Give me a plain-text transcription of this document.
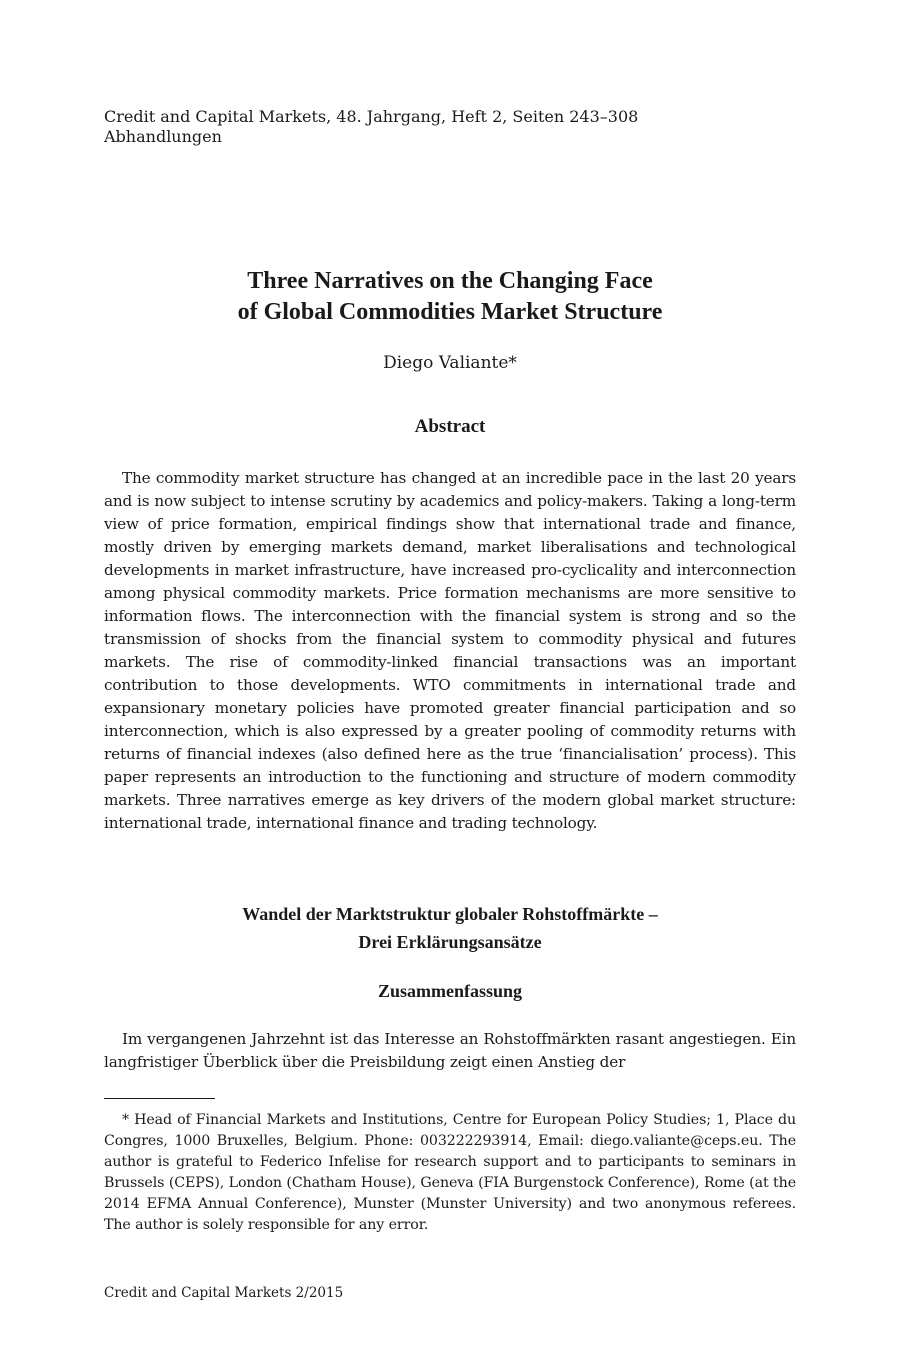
Credit and Capital Markets, 48. Jahrgang, Heft 2, Seiten 243–308
Abhandlungen
Three Narratives on the Changing Face
of Global Commodities Market Structure
Diego Valiante*
Abstract

The commodity market structure has changed at an incredible pace in the last 20 years and is now subject to intense scrutiny by academics and policy-makers. Taking a long-term view of price formation, empirical findings show that international trade and finance, mostly driven by emerging markets demand, market liberalisations and technological developments in market infrastructure, have increased pro-cyclicality and interconnection among physical commodity markets. Price formation mechanisms are more sensitive to information flows. The interconnection with the financial system is strong and so the transmission of shocks from the financial system to commodity physical and futures markets. The rise of commodity-linked financial transactions was an important contribution to those developments. WTO commitments in international trade and expansionary monetary policies have promoted greater financial participation and so interconnection, which is also expressed by a greater pooling of commodity returns with returns of financial indexes (also defined here as the true ‘financialisation’ process). This paper represents an introduction to the functioning and structure of modern commodity markets. Three narratives emerge as key drivers of the modern global market structure: international trade, international finance and trading technology.

Wandel der Marktstruktur globaler Rohstoffmärkte –
Drei Erklärungsansätze
Zusammenfassung

Im vergangenen Jahrzehnt ist das Interesse an Rohstoffmärkten rasant angestiegen. Ein langfristiger Überblick über die Preisbildung zeigt einen Anstieg der

* Head of Financial Markets and Institutions, Centre for European Policy Studies; 1, Place du Congres, 1000 Bruxelles, Belgium. Phone: 003222293914, Email: diego.valiante@ceps.eu. The author is grateful to Federico Infelise for research support and to participants to seminars in Brussels (CEPS), London (Chatham House), Geneva (FIA Burgenstock Conference), Rome (at the 2014 EFMA Annual Conference), Munster (Munster University) and two anonymous referees. The author is solely responsible for any error.

Credit and Capital Markets 2/2015
